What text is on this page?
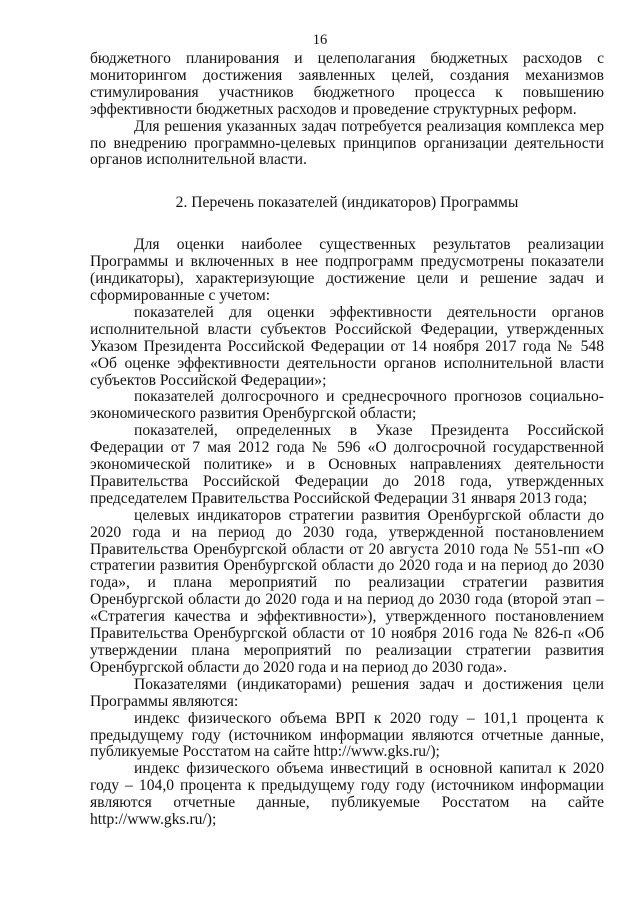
16

бюджетного планирования и целеполагания бюджетных расходов с мониторингом достижения заявленных целей, создания механизмов стимулирования участников бюджетного процесса к повышению эффективности бюджетных расходов и проведение структурных реформ.

Для решения указанных задач потребуется реализация комплекса мер по внедрению программно-целевых принципов организации деятельности органов исполнительной власти.

2. Перечень показателей (индикаторов) Программы

Для оценки наиболее существенных результатов реализации Программы и включенных в нее подпрограмм предусмотрены показатели (индикаторы), характеризующие достижение цели и решение задач и сформированные с учетом:

показателей для оценки эффективности деятельности органов исполнительной власти субъектов Российской Федерации, утвержденных Указом Президента Российской Федерации от 14 ноября 2017 года № 548 «Об оценке эффективности деятельности органов исполнительной власти субъектов Российской Федерации»;

показателей долгосрочного и среднесрочного прогнозов социально-экономического развития Оренбургской области;

показателей, определенных в Указе Президента Российской Федерации от 7 мая 2012 года № 596 «О долгосрочной государственной экономической политике» и в Основных направлениях деятельности Правительства Российской Федерации до 2018 года, утвержденных председателем Правительства Российской Федерации 31 января 2013 года;

целевых индикаторов стратегии развития Оренбургской области до 2020 года и на период до 2030 года, утвержденной постановлением Правительства Оренбургской области от 20 августа 2010 года № 551-пп «О стратегии развития Оренбургской области до 2020 года и на период до 2030 года», и плана мероприятий по реализации стратегии развития Оренбургской области до 2020 года и на период до 2030 года (второй этап – «Стратегия качества и эффективности»), утвержденного постановлением Правительства Оренбургской области от 10 ноября 2016 года № 826-п «Об утверждении плана мероприятий по реализации стратегии развития Оренбургской области до 2020 года и на период до 2030 года».

Показателями (индикаторами) решения задач и достижения цели Программы являются:

индекс физического объема ВРП к 2020 году – 101,1 процента к предыдущему году (источником информации являются отчетные данные, публикуемые Росстатом на сайте http://www.gks.ru/);

индекс физического объема инвестиций в основной капитал к 2020 году – 104,0 процента к предыдущему году году (источником информации являются отчетные данные, публикуемые Росстатом на сайте http://www.gks.ru/);
